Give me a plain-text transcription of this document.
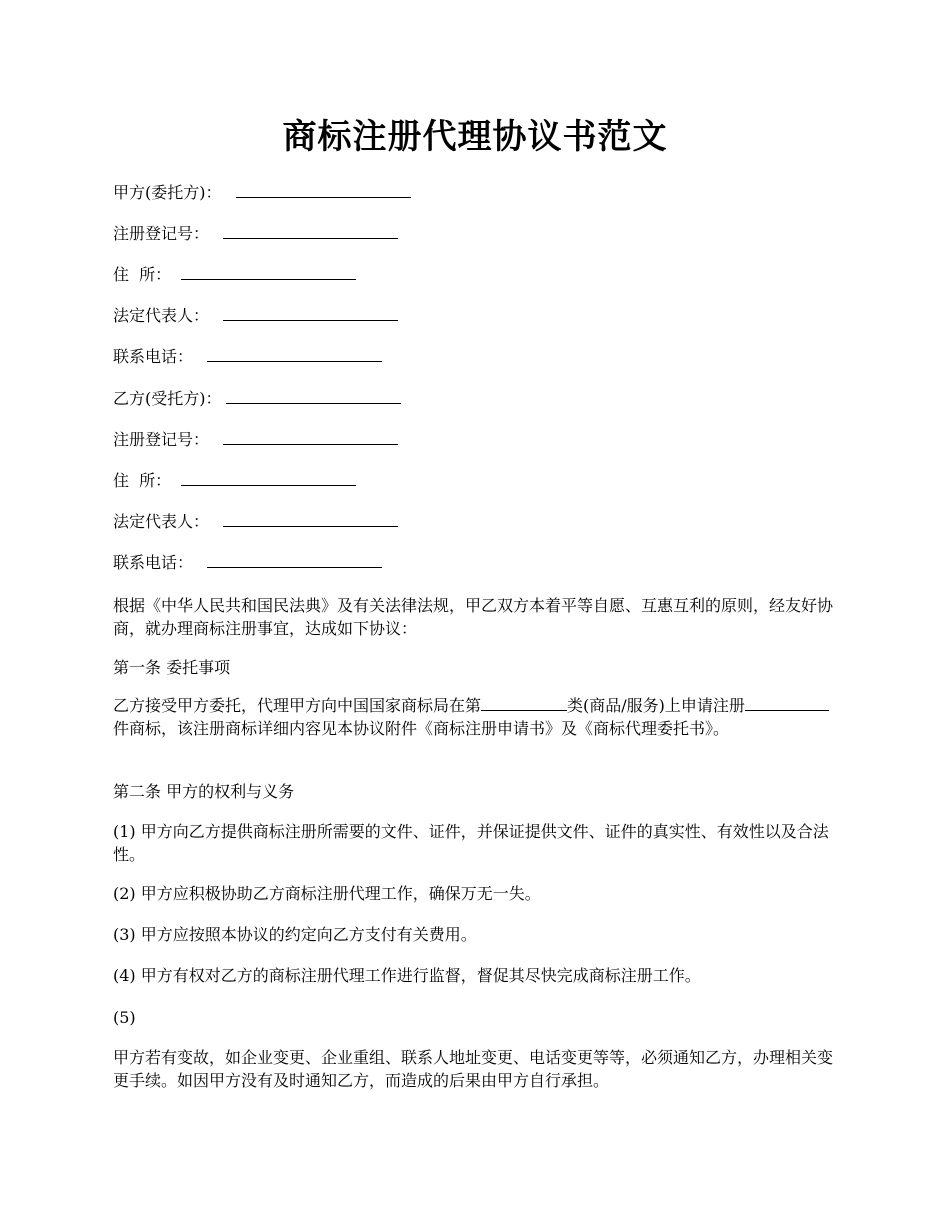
商标注册代理协议书范文
甲方(委托方)：
注册登记号：
住  所：
法定代表人：
联系电话：
乙方(受托方)：
注册登记号：
住  所：
法定代表人：
联系电话：

根据《中华人民共和国民法典》及有关法律法规，甲乙双方本着平等自愿、互惠互利的原则，经友好协商，就办理商标注册事宜，达成如下协议：

第一条 委托事项

乙方接受甲方委托，代理甲方向中国国家商标局在第	类(商品/服务)上申请注册件商标，该注册商标详细内容见本协议附件《商标注册申请书》及《商标代理委托书》。

第二条 甲方的权利与义务

(1) 甲方向乙方提供商标注册所需要的文件、证件，并保证提供文件、证件的真实性、有效性以及合法性。

(2) 甲方应积极协助乙方商标注册代理工作，确保万无一失。

(3) 甲方应按照本协议的约定向乙方支付有关费用。

(4) 甲方有权对乙方的商标注册代理工作进行监督，督促其尽快完成商标注册工作。

(5)

甲方若有变故，如企业变更、企业重组、联系人地址变更、电话变更等等，必须通知乙方，办理相关变更手续。如因甲方没有及时通知乙方，而造成的后果由甲方自行承担。
